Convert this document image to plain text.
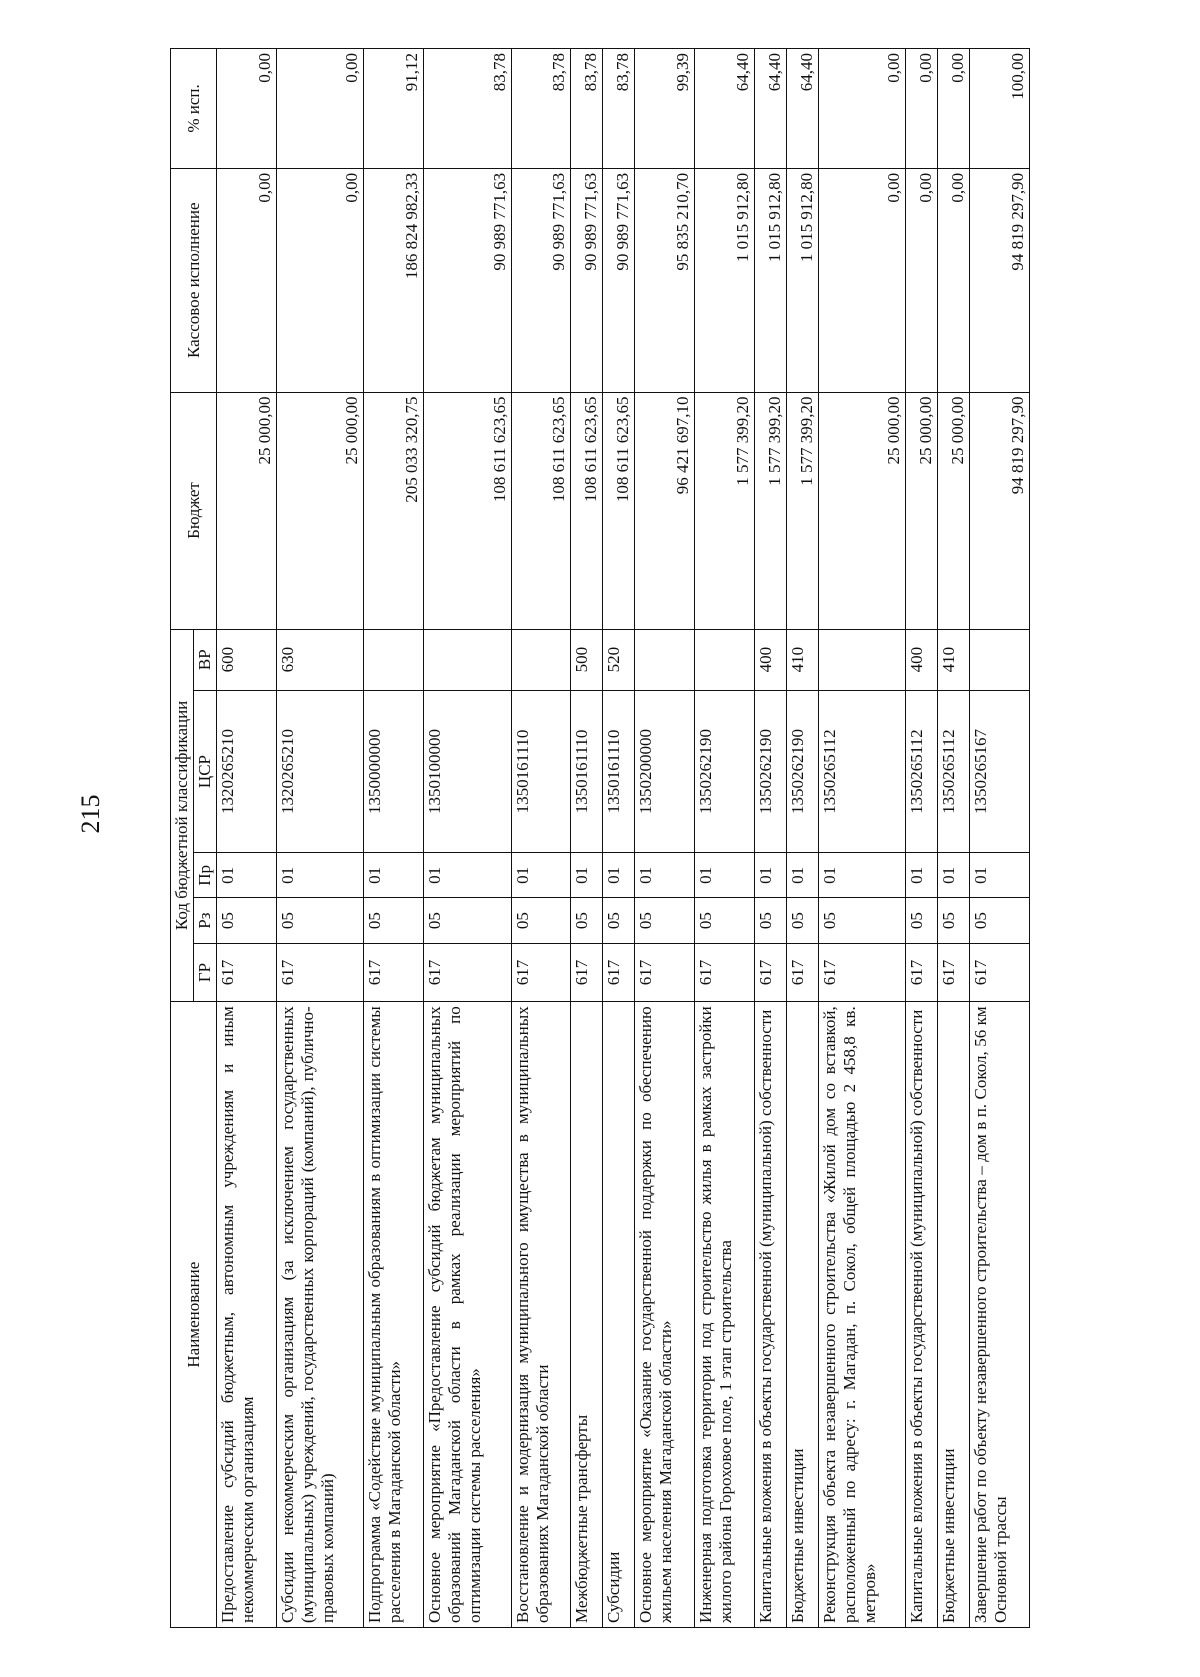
215
Наименование	Код бюджетной классификации					Бюджет	Кассовое исполнение	% исп.
	ГР	Рз	Пр	ЦСР	ВР			
Предоставление субсидий бюджетным, автономным учреждениям и иным некоммерческим организациям	617	05	01	1320265210	600	25 000,00	0,00	0,00
Субсидии некоммерческим организациям (за исключением государственных (муниципальных) учреждений, государственных корпораций (компаний), публично-правовых компаний)	617	05	01	1320265210	630	25 000,00	0,00	0,00
Подпрограмма «Содействие муниципальным образованиям в оптимизации системы расселения в Магаданской области»	617	05	01	1350000000		205 033 320,75	186 824 982,33	91,12
Основное мероприятие «Предоставление субсидий бюджетам муниципальных образований Магаданской области в рамках реализации мероприятий по оптимизации системы расселения»	617	05	01	1350100000		108 611 623,65	90 989 771,63	83,78
Восстановление и модернизация муниципального имущества в муниципальных образованиях Магаданской области	617	05	01	1350161110		108 611 623,65	90 989 771,63	83,78
Межбюджетные трансферты	617	05	01	1350161110	500	108 611 623,65	90 989 771,63	83,78
Субсидии	617	05	01	1350161110	520	108 611 623,65	90 989 771,63	83,78
Основное мероприятие «Оказание государственной поддержки по обеспечению жильем населения Магаданской области»	617	05	01	1350200000		96 421 697,10	95 835 210,70	99,39
Инженерная подготовка территории под строительство жилья в рамках застройки жилого района Гороховое поле, 1 этап строительства	617	05	01	1350262190		1 577 399,20	1 015 912,80	64,40
Капитальные вложения в объекты государственной (муниципальной) собственности	617	05	01	1350262190	400	1 577 399,20	1 015 912,80	64,40
Бюджетные инвестиции	617	05	01	1350262190	410	1 577 399,20	1 015 912,80	64,40
Реконструкция объекта незавершенного строительства «Жилой дом со вставкой, расположенный по адресу: г. Магадан, п. Сокол, общей площадью 2 458,8 кв. метров»	617	05	01	1350265112		25 000,00	0,00	0,00
Капитальные вложения в объекты государственной (муниципальной) собственности	617	05	01	1350265112	400	25 000,00	0,00	0,00
Бюджетные инвестиции	617	05	01	1350265112	410	25 000,00	0,00	0,00
Завершение работ по объекту незавершенного строительства – дом в п. Сокол, 56 км Основной трассы	617	05	01	1350265167		94 819 297,90	94 819 297,90	100,00
